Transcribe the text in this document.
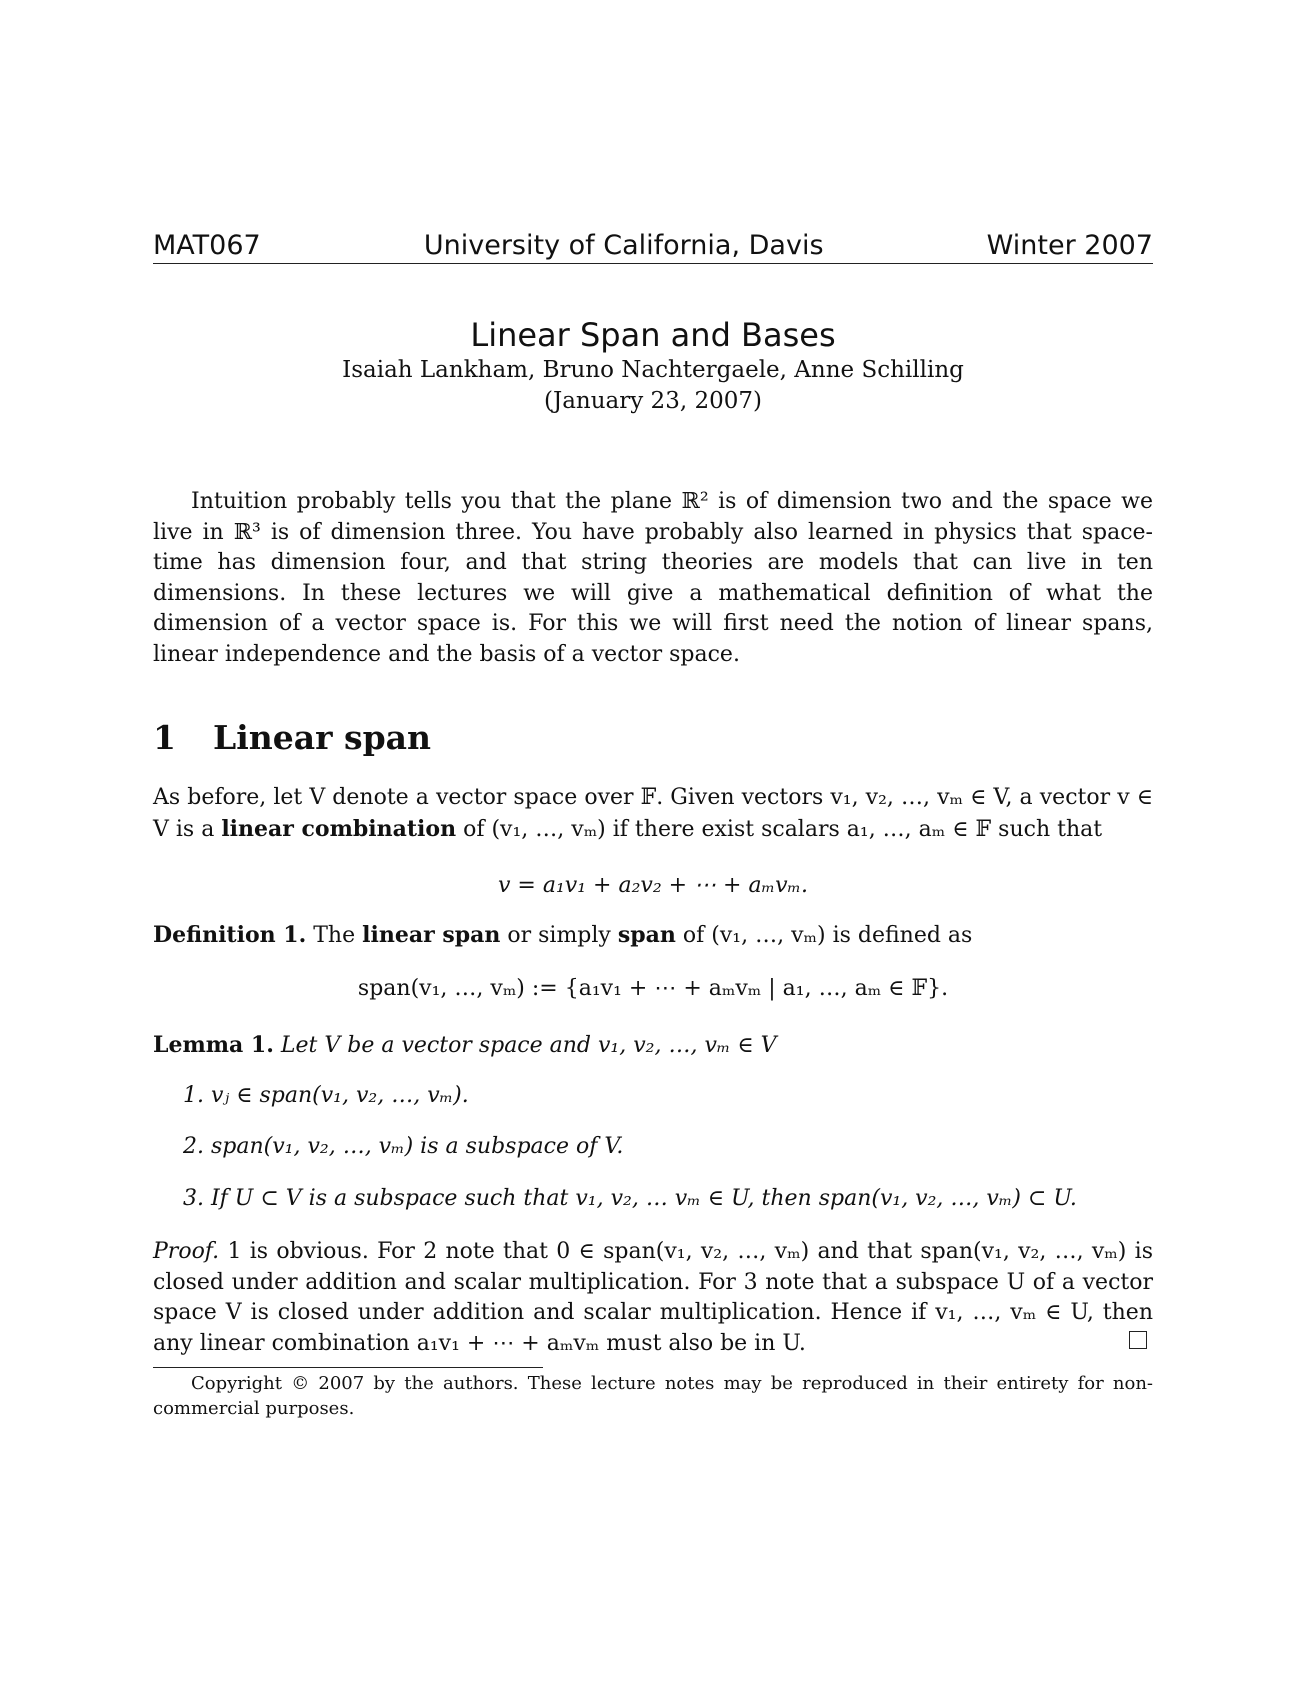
MAT067	University of California, Davis	Winter 2007
Linear Span and Bases
Isaiah Lankham, Bruno Nachtergaele, Anne Schilling
(January 23, 2007)
Intuition probably tells you that the plane ℝ² is of dimension two and the space we live in ℝ³ is of dimension three. You have probably also learned in physics that space-time has dimension four, and that string theories are models that can live in ten dimensions. In these lectures we will give a mathematical definition of what the dimension of a vector space is. For this we will first need the notion of linear spans, linear independence and the basis of a vector space.
1 Linear span
As before, let V denote a vector space over 𝔽. Given vectors v₁, v₂, …, vₘ ∈ V, a vector v ∈ V is a linear combination of (v₁, …, vₘ) if there exist scalars a₁, …, aₘ ∈ 𝔽 such that
v = a₁v₁ + a₂v₂ + ⋯ + aₘvₘ.
Definition 1. The linear span or simply span of (v₁, …, vₘ) is defined as
span(v₁, …, vₘ) := {a₁v₁ + ⋯ + aₘvₘ | a₁, …, aₘ ∈ 𝔽}.
Lemma 1. Let V be a vector space and v₁, v₂, …, vₘ ∈ V
1. vⱼ ∈ span(v₁, v₂, …, vₘ).
2. span(v₁, v₂, …, vₘ) is a subspace of V.
3. If U ⊂ V is a subspace such that v₁, v₂, … vₘ ∈ U, then span(v₁, v₂, …, vₘ) ⊂ U.
Proof. 1 is obvious. For 2 note that 0 ∈ span(v₁, v₂, …, vₘ) and that span(v₁, v₂, …, vₘ) is closed under addition and scalar multiplication. For 3 note that a subspace U of a vector space V is closed under addition and scalar multiplication. Hence if v₁, …, vₘ ∈ U, then any linear combination a₁v₁ + ⋯ + aₘvₘ must also be in U.

Copyright © 2007 by the authors. These lecture notes may be reproduced in their entirety for non-commercial purposes.
